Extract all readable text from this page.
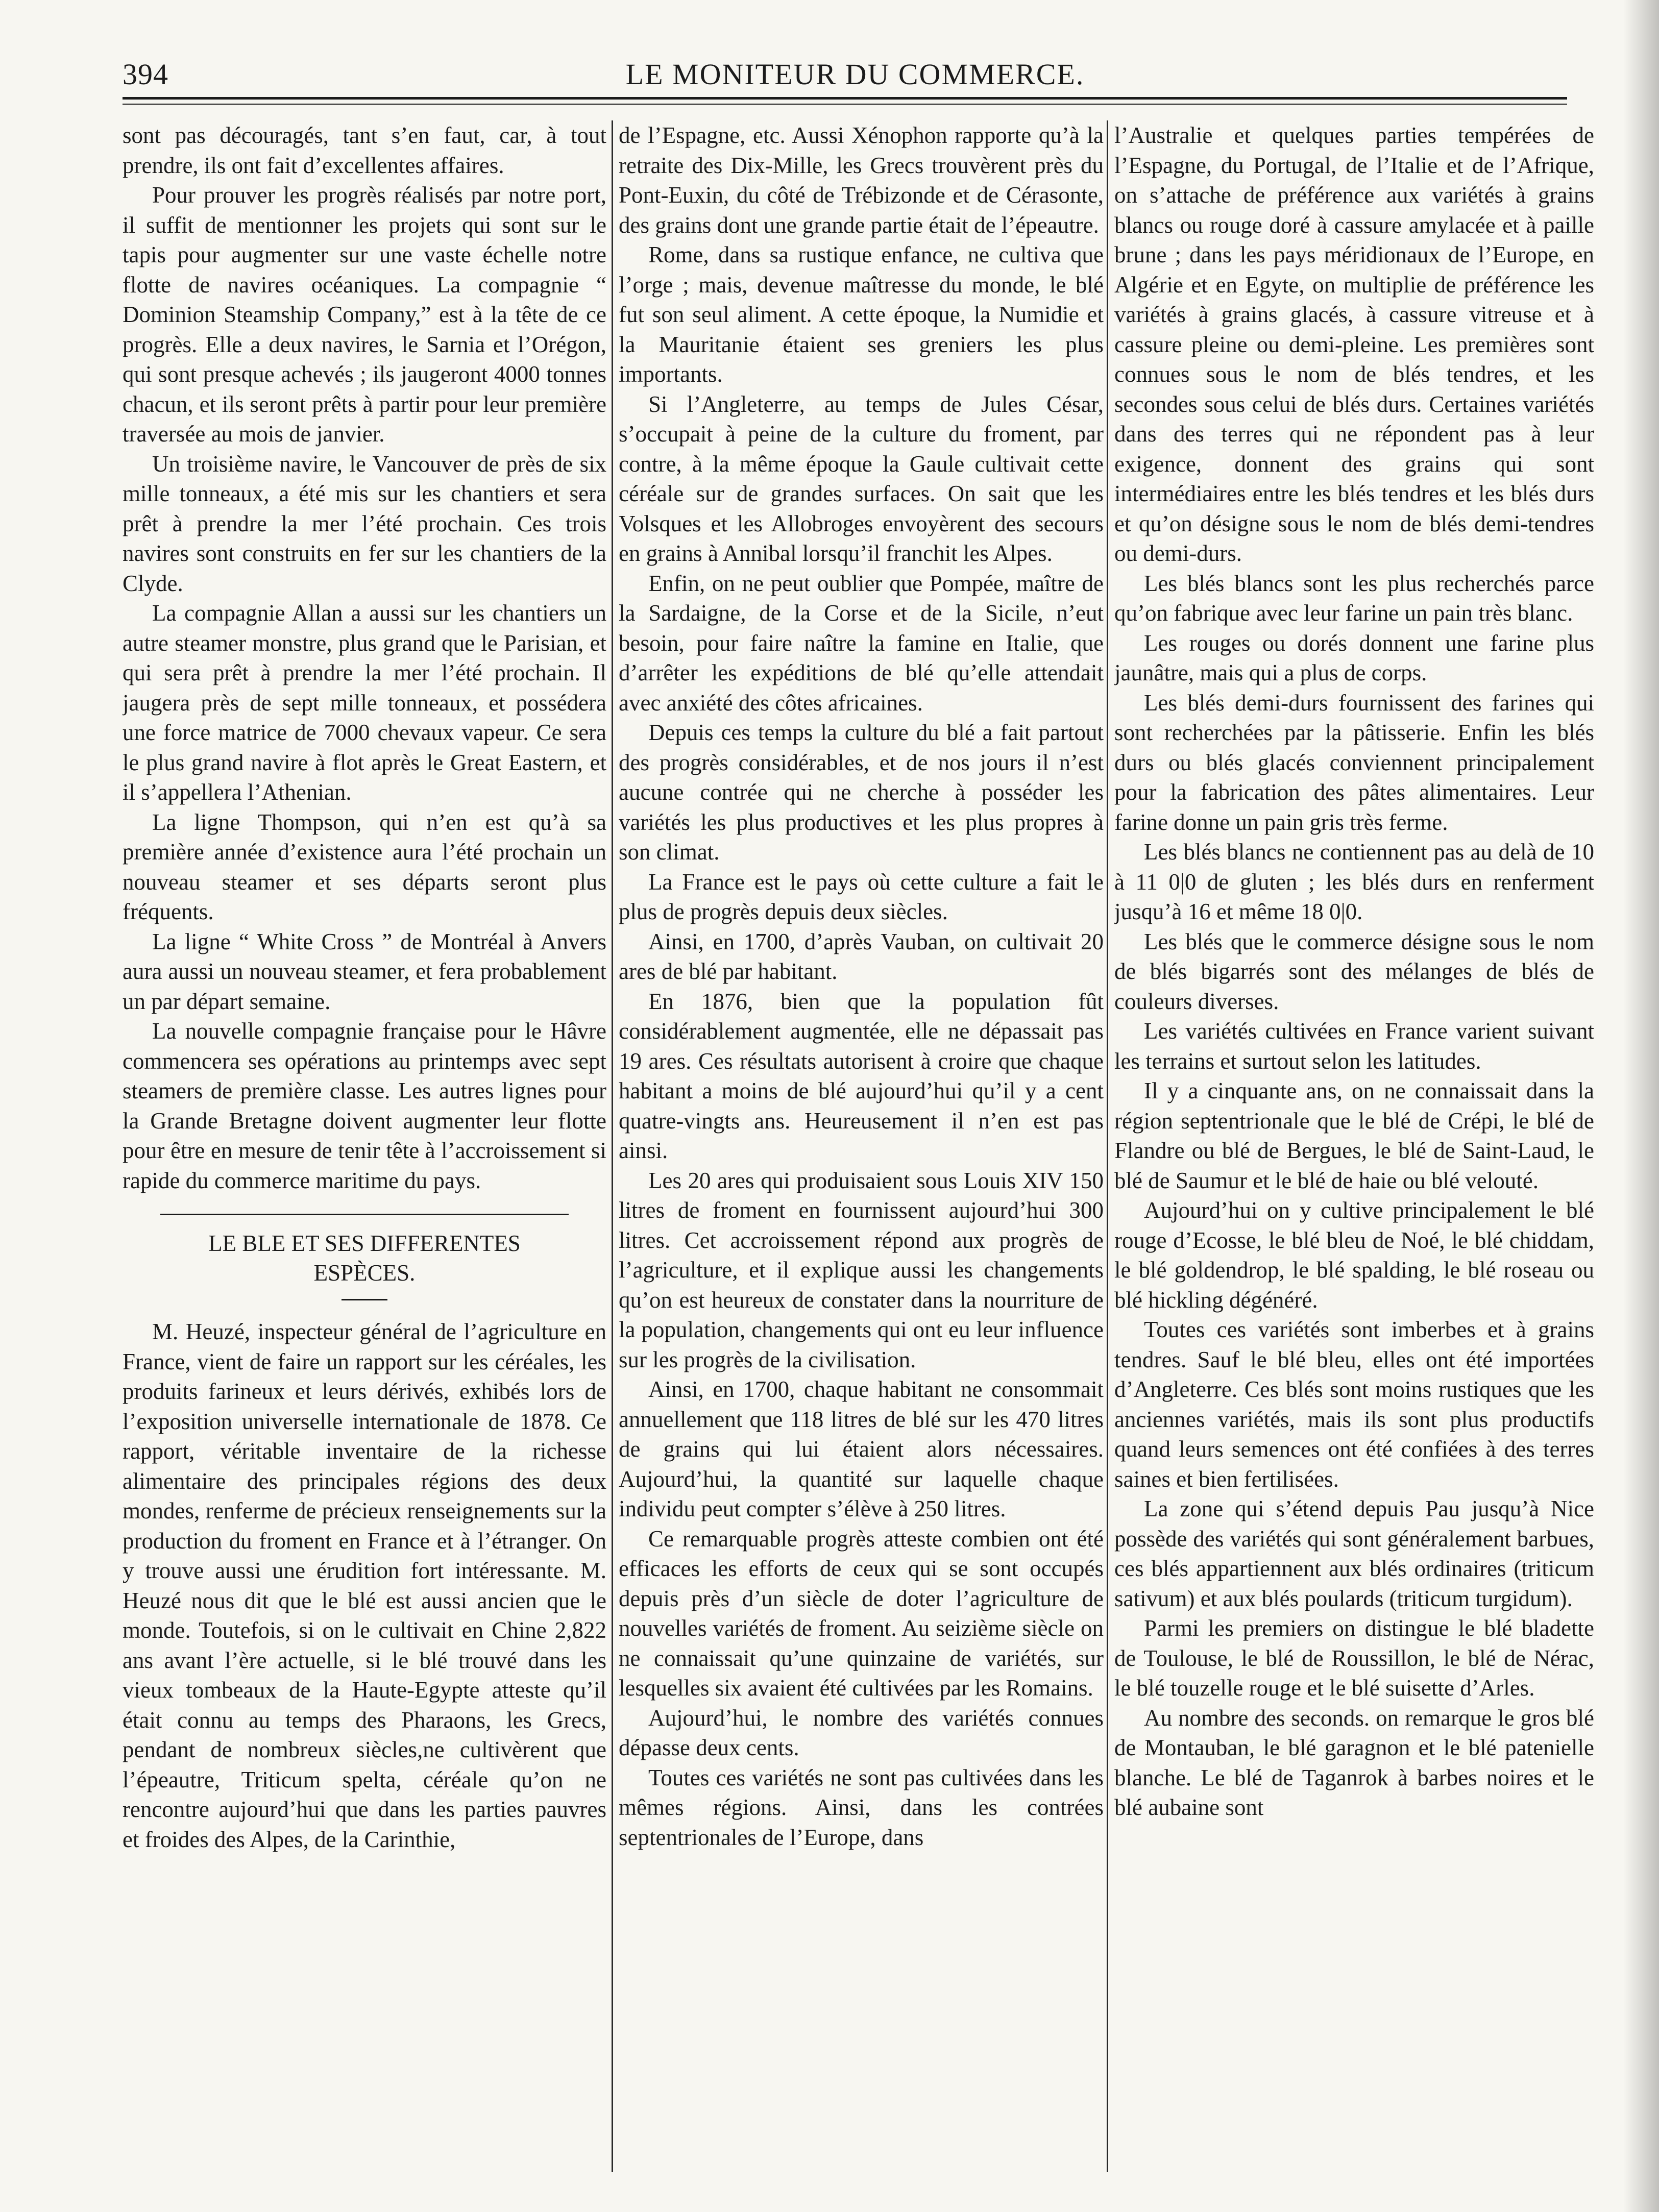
394	LE MONITEUR DU COMMERCE.

sont pas découragés, tant s’en faut, car, à tout prendre, ils ont fait d’excellentes affaires.

Pour prouver les progrès réalisés par notre port, il suffit de mentionner les projets qui sont sur le tapis pour augmenter sur une vaste échelle notre flotte de navires océaniques. La compagnie “ Dominion Steamship Company,” est à la tête de ce progrès. Elle a deux navires, le Sarnia et l’Orégon, qui sont presque achevés ; ils jaugeront 4000 tonnes chacun, et ils seront prêts à partir pour leur première traversée au mois de janvier.

Un troisième navire, le Vancouver de près de six mille tonneaux, a été mis sur les chantiers et sera prêt à prendre la mer l’été prochain. Ces trois navires sont construits en fer sur les chantiers de la Clyde.

La compagnie Allan a aussi sur les chantiers un autre steamer monstre, plus grand que le Parisian, et qui sera prêt à prendre la mer l’été prochain. Il jaugera près de sept mille tonneaux, et possédera une force matrice de 7000 chevaux vapeur. Ce sera le plus grand navire à flot après le Great Eastern, et il s’appellera l’Athenian.

La ligne Thompson, qui n’en est qu’à sa première année d’existence aura l’été prochain un nouveau steamer et ses départs seront plus fréquents.

La ligne “ White Cross ” de Montréal à Anvers aura aussi un nouveau steamer, et fera probablement un par départ semaine.

La nouvelle compagnie française pour le Hâvre commencera ses opérations au printemps avec sept steamers de première classe. Les autres lignes pour la Grande Bretagne doivent augmenter leur flotte pour être en mesure de tenir tête à l’accroissement si rapide du commerce maritime du pays.

LE BLE ET SES DIFFERENTES
ESPÈCES.

M. Heuzé, inspecteur général de l’agriculture en France, vient de faire un rapport sur les céréales, les produits farineux et leurs dérivés, exhibés lors de l’exposition universelle internationale de 1878. Ce rapport, véritable inventaire de la richesse alimentaire des principales régions des deux mondes, renferme de précieux renseignements sur la production du froment en France et à l’étranger. On y trouve aussi une érudition fort intéressante. M. Heuzé nous dit que le blé est aussi ancien que le monde. Toutefois, si on le cultivait en Chine 2,822 ans avant l’ère actuelle, si le blé trouvé dans les vieux tombeaux de la Haute-Egypte atteste qu’il était connu au temps des Pharaons, les Grecs, pendant de nombreux siècles,ne cultivèrent que l’épeautre, Triticum spelta, céréale qu’on ne rencontre aujourd’hui que dans les parties pauvres et froides des Alpes, de la Carinthie,

de l’Espagne, etc. Aussi Xénophon rapporte qu’à la retraite des Dix-Mille, les Grecs trouvèrent près du Pont-Euxin, du côté de Trébizonde et de Cérasonte, des grains dont une grande partie était de l’épeautre.

Rome, dans sa rustique enfance, ne cultiva que l’orge ; mais, devenue maîtresse du monde, le blé fut son seul aliment. A cette époque, la Numidie et la Mauritanie étaient ses greniers les plus importants.

Si l’Angleterre, au temps de Jules César, s’occupait à peine de la culture du froment, par contre, à la même époque la Gaule cultivait cette céréale sur de grandes surfaces. On sait que les Volsques et les Allobroges envoyèrent des secours en grains à Annibal lorsqu’il franchit les Alpes.

Enfin, on ne peut oublier que Pompée, maître de la Sardaigne, de la Corse et de la Sicile, n’eut besoin, pour faire naître la famine en Italie, que d’arrêter les expéditions de blé qu’elle attendait avec anxiété des côtes africaines.

Depuis ces temps la culture du blé a fait partout des progrès considérables, et de nos jours il n’est aucune contrée qui ne cherche à posséder les variétés les plus productives et les plus propres à son climat.

La France est le pays où cette culture a fait le plus de progrès depuis deux siècles.

Ainsi, en 1700, d’après Vauban, on cultivait 20 ares de blé par habitant.

En 1876, bien que la population fût considérablement augmentée, elle ne dépassait pas 19 ares. Ces résultats autorisent à croire que chaque habitant a moins de blé aujourd’hui qu’il y a cent quatre-vingts ans. Heureusement il n’en est pas ainsi.

Les 20 ares qui produisaient sous Louis XIV 150 litres de froment en fournissent aujourd’hui 300 litres. Cet accroissement répond aux progrès de l’agriculture, et il explique aussi les changements qu’on est heureux de constater dans la nourriture de la population, changements qui ont eu leur influence sur les progrès de la civilisation.

Ainsi, en 1700, chaque habitant ne consommait annuellement que 118 litres de blé sur les 470 litres de grains qui lui étaient alors nécessaires. Aujourd’hui, la quantité sur laquelle chaque individu peut compter s’élève à 250 litres.

Ce remarquable progrès atteste combien ont été efficaces les efforts de ceux qui se sont occupés depuis près d’un siècle de doter l’agriculture de nouvelles variétés de froment. Au seizième siècle on ne connaissait qu’une quinzaine de variétés, sur lesquelles six avaient été cultivées par les Romains.

Aujourd’hui, le nombre des variétés connues dépasse deux cents.

Toutes ces variétés ne sont pas cultivées dans les mêmes régions. Ainsi, dans les contrées septentrionales de l’Europe, dans

l’Australie et quelques parties tempérées de l’Espagne, du Portugal, de l’Italie et de l’Afrique, on s’attache de préférence aux variétés à grains blancs ou rouge doré à cassure amylacée et à paille brune ; dans les pays méridionaux de l’Europe, en Algérie et en Egyte, on multiplie de préférence les variétés à grains glacés, à cassure vitreuse et à cassure pleine ou demi-pleine. Les premières sont connues sous le nom de blés tendres, et les secondes sous celui de blés durs. Certaines variétés dans des terres qui ne répondent pas à leur exigence, donnent des grains qui sont intermédiaires entre les blés tendres et les blés durs et qu’on désigne sous le nom de blés demi-tendres ou demi-durs.

Les blés blancs sont les plus recherchés parce qu’on fabrique avec leur farine un pain très blanc.

Les rouges ou dorés donnent une farine plus jaunâtre, mais qui a plus de corps.

Les blés demi-durs fournissent des farines qui sont recherchées par la pâtisserie. Enfin les blés durs ou blés glacés conviennent principalement pour la fabrication des pâtes alimentaires. Leur farine donne un pain gris très ferme.

Les blés blancs ne contiennent pas au delà de 10 à 11 0|0 de gluten ; les blés durs en renferment jusqu’à 16 et même 18 0|0.

Les blés que le commerce désigne sous le nom de blés bigarrés sont des mélanges de blés de couleurs diverses.

Les variétés cultivées en France varient suivant les terrains et surtout selon les latitudes.

Il y a cinquante ans, on ne connaissait dans la région septentrionale que le blé de Crépi, le blé de Flandre ou blé de Bergues, le blé de Saint-Laud, le blé de Saumur et le blé de haie ou blé velouté.

Aujourd’hui on y cultive principalement le blé rouge d’Ecosse, le blé bleu de Noé, le blé chiddam, le blé goldendrop, le blé spalding, le blé roseau ou blé hickling dégénéré.

Toutes ces variétés sont imberbes et à grains tendres. Sauf le blé bleu, elles ont été importées d’Angleterre. Ces blés sont moins rustiques que les anciennes variétés, mais ils sont plus productifs quand leurs semences ont été confiées à des terres saines et bien fertilisées.

La zone qui s’étend depuis Pau jusqu’à Nice possède des variétés qui sont généralement barbues, ces blés appartiennent aux blés ordinaires (triticum sativum) et aux blés poulards (triticum turgidum).

Parmi les premiers on distingue le blé bladette de Toulouse, le blé de Roussillon, le blé de Nérac, le blé touzelle rouge et le blé suisette d’Arles.

Au nombre des seconds. on remarque le gros blé de Montauban, le blé garagnon et le blé patenielle blanche. Le blé de Taganrok à barbes noires et le blé aubaine sont
